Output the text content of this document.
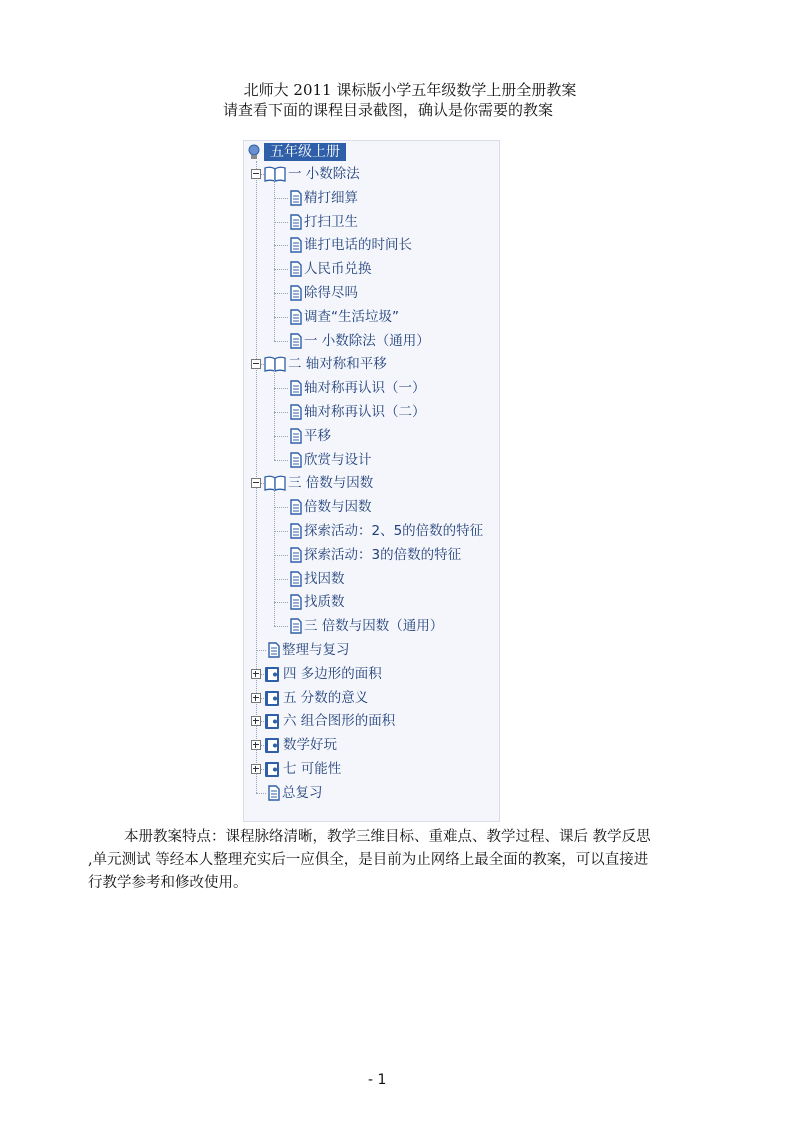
北师大 2011 课标版小学五年级数学上册全册教案
请查看下面的课程目录截图，确认是你需要的教案
五年级上册
一 小数除法
精打细算
打扫卫生
谁打电话的时间长
人民币兑换
除得尽吗
调查“生活垃圾”
一 小数除法（通用）
二 轴对称和平移
轴对称再认识（一）
轴对称再认识（二）
平移
欣赏与设计
三 倍数与因数
倍数与因数
探索活动：2、5的倍数的特征
探索活动：3的倍数的特征
找因数
找质数
三 倍数与因数（通用）
整理与复习
四 多边形的面积
五 分数的意义
六 组合图形的面积
数学好玩
七 可能性
总复习
本册教案特点：课程脉络清晰，教学三维目标、重难点、教学过程、课后 教学反思 ,单元测试 等经本人整理充实后一应俱全，是目前为止网络上最全面的教案，可以直接进行教学参考和修改使用。
- 1
